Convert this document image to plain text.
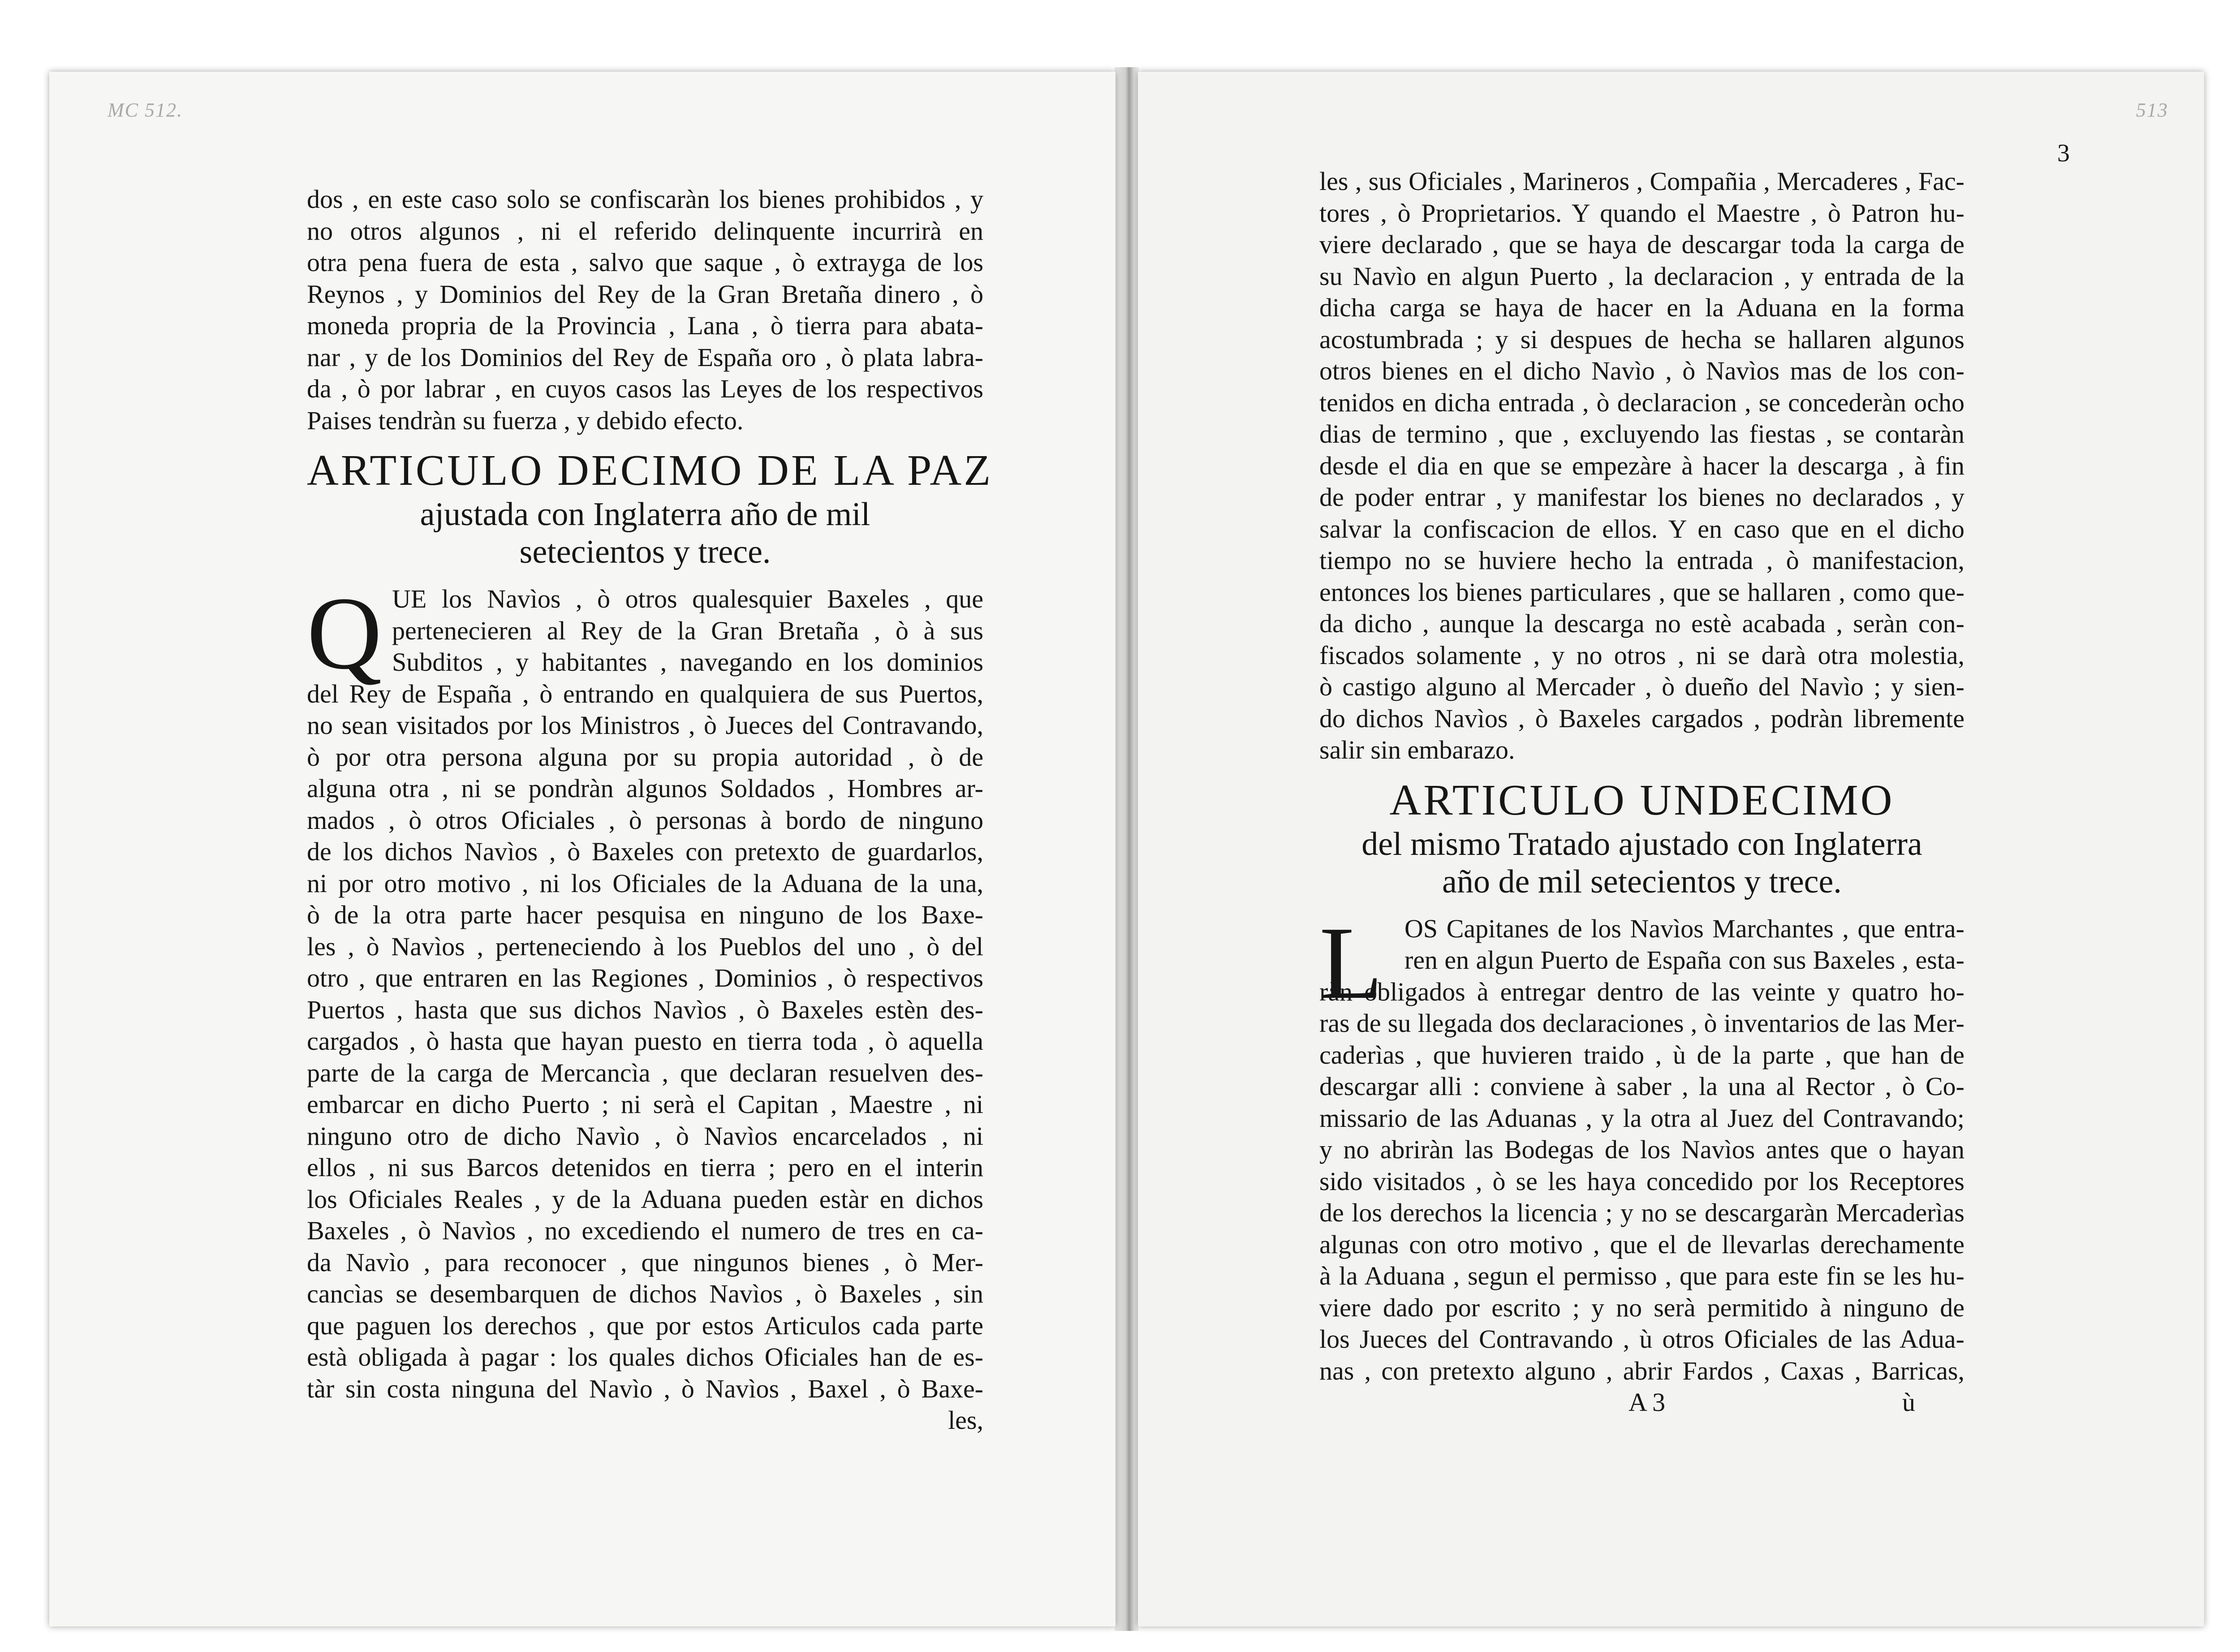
MC 512.
dos , en este caso solo se confiscaràn los bienes prohibidos , y
no otros algunos , ni el referido delinquente incurrirà en
otra pena fuera de esta , salvo que saque , ò extrayga de los
Reynos , y Dominios del Rey de la Gran Bretaña dinero , ò
moneda propria de la Provincia , Lana , ò tierra para abata-
nar , y de los Dominios del Rey de España oro , ò plata labra-
da , ò por labrar , en cuyos casos las Leyes de los respectivos
Paises tendràn su fuerza , y debido efecto.
ARTICULO DECIMO DE LA PAZ
ajustada con Inglaterra año de mil
setecientos y trece.
Q UE los Navìos , ò otros qualesquier Baxeles , que
pertenecieren al Rey de la Gran Bretaña , ò à sus
Subditos , y habitantes , navegando en los dominios
del Rey de España , ò entrando en qualquiera de sus Puertos,
no sean visitados por los Ministros , ò Jueces del Contravando,
ò por otra persona alguna por su propia autoridad , ò de
alguna otra , ni se pondràn algunos Soldados , Hombres ar-
mados , ò otros Oficiales , ò personas à bordo de ninguno
de los dichos Navìos , ò Baxeles con pretexto de guardarlos,
ni por otro motivo , ni los Oficiales de la Aduana de la una,
ò de la otra parte hacer pesquisa en ninguno de los Baxe-
les , ò Navìos , perteneciendo à los Pueblos del uno , ò del
otro , que entraren en las Regiones , Dominios , ò respectivos
Puertos , hasta que sus dichos Navìos , ò Baxeles estèn des-
cargados , ò hasta que hayan puesto en tierra toda , ò aquella
parte de la carga de Mercancìa , que declaran resuelven des-
embarcar en dicho Puerto ; ni serà el Capitan , Maestre , ni
ninguno otro de dicho Navìo , ò Navìos encarcelados , ni
ellos , ni sus Barcos detenidos en tierra ; pero en el interin
los Oficiales Reales , y de la Aduana pueden estàr en dichos
Baxeles , ò Navìos , no excediendo el numero de tres en ca-
da Navìo , para reconocer , que ningunos bienes , ò Mer-
cancìas se desembarquen de dichos Navìos , ò Baxeles , sin
que paguen los derechos , que por estos Articulos cada parte
està obligada à pagar : los quales dichos Oficiales han de es-
tàr sin costa ninguna del Navìo , ò Navìos , Baxel , ò Baxe-
les,
513
3
les , sus Oficiales , Marineros , Compañia , Mercaderes , Fac-
tores , ò Proprietarios. Y quando el Maestre , ò Patron hu-
viere declarado , que se haya de descargar toda la carga de
su Navìo en algun Puerto , la declaracion , y entrada de la
dicha carga se haya de hacer en la Aduana en la forma
acostumbrada ; y si despues de hecha se hallaren algunos
otros bienes en el dicho Navìo , ò Navìos mas de los con-
tenidos en dicha entrada , ò declaracion , se concederàn ocho
dias de termino , que , excluyendo las fiestas , se contaràn
desde el dia en que se empezàre à hacer la descarga , à fin
de poder entrar , y manifestar los bienes no declarados , y
salvar la confiscacion de ellos. Y en caso que en el dicho
tiempo no se huviere hecho la entrada , ò manifestacion,
entonces los bienes particulares , que se hallaren , como que-
da dicho , aunque la descarga no estè acabada , seràn con-
fiscados solamente , y no otros , ni se darà otra molestia,
ò castigo alguno al Mercader , ò dueño del Navìo ; y sien-
do dichos Navìos , ò Baxeles cargados , podràn libremente
salir sin embarazo.
ARTICULO UNDECIMO
del mismo Tratado ajustado con Inglaterra
año de mil setecientos y trece.
L OS Capitanes de los Navìos Marchantes , que entra-
ren en algun Puerto de España con sus Baxeles , esta-
ràn obligados à entregar dentro de las veinte y quatro ho-
ras de su llegada dos declaraciones , ò inventarios de las Mer-
caderìas , que huvieren traido , ù de la parte , que han de
descargar alli : conviene à saber , la una al Rector , ò Co-
missario de las Aduanas , y la otra al Juez del Contravando;
y no abriràn las Bodegas de los Navìos antes que o hayan
sido visitados , ò se les haya concedido por los Receptores
de los derechos la licencia ; y no se descargaràn Mercaderìas
algunas con otro motivo , que el de llevarlas derechamente
à la Aduana , segun el permisso , que para este fin se les hu-
viere dado por escrito ; y no serà permitido à ninguno de
los Jueces del Contravando , ù otros Oficiales de las Adua-
nas , con pretexto alguno , abrir Fardos , Caxas , Barricas,
A 3	ù
